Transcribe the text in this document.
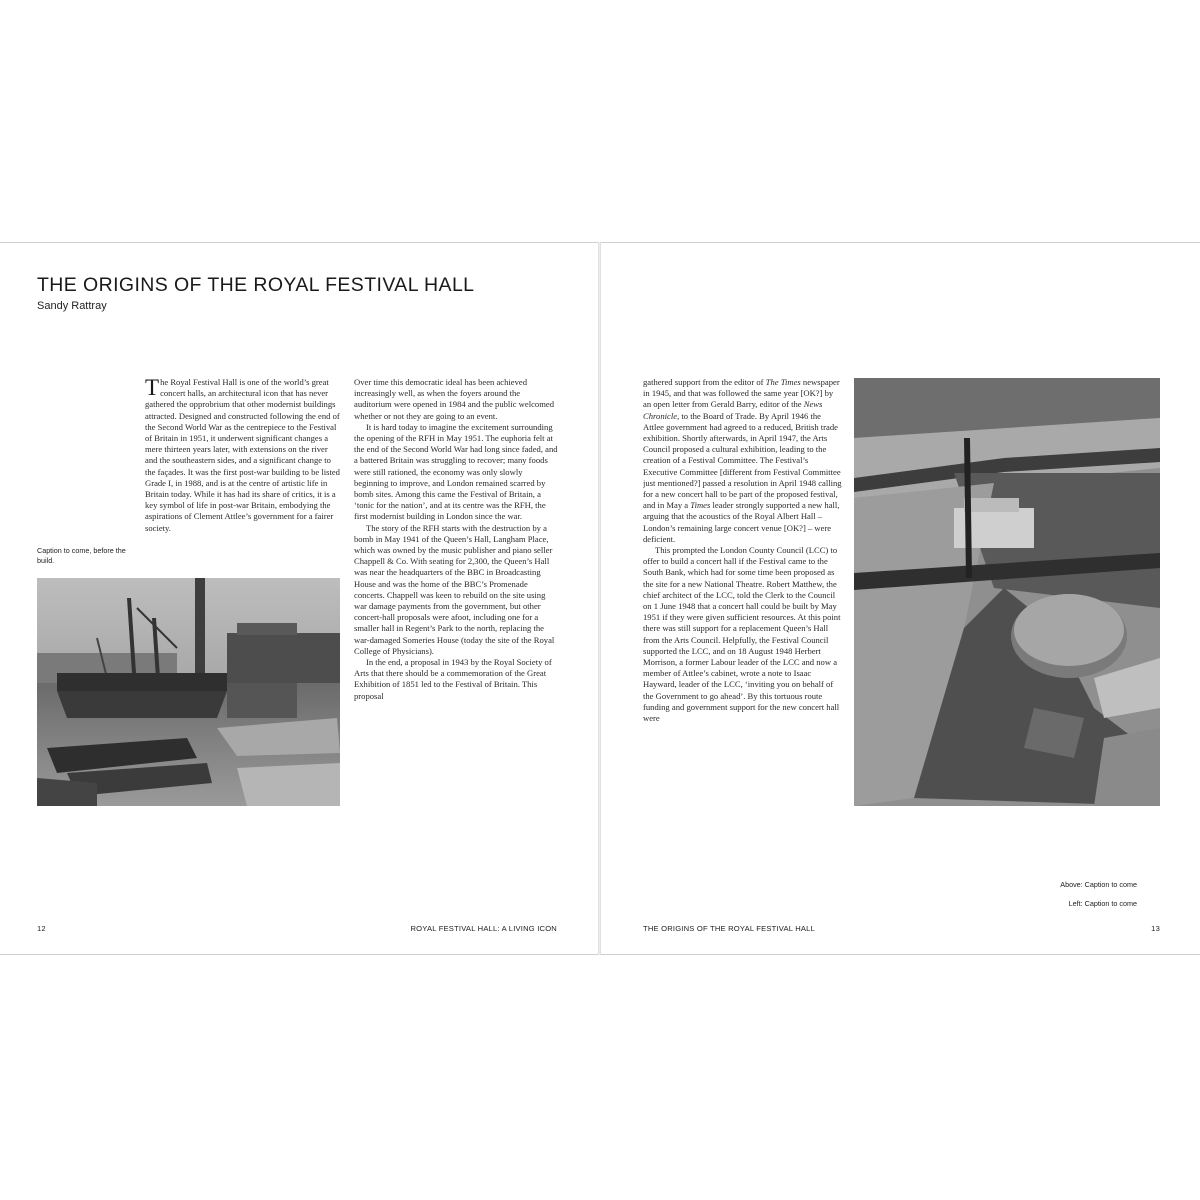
THE ORIGINS OF THE ROYAL FESTIVAL HALL
Sandy Rattray

The Royal Festival Hall is one of the world’s great concert halls, an architectural icon that has never gathered the opprobrium that other modernist buildings attracted. Designed and constructed following the end of the Second World War as the centrepiece to the Festival of Britain in 1951, it underwent significant changes a mere thirteen years later, with extensions on the river and the southeastern sides, and a significant change to the façades. It was the first post-war building to be listed Grade I, in 1988, and is at the centre of artistic life in Britain today. While it has had its share of critics, it is a key symbol of life in post-war Britain, embodying the aspirations of Clement Attlee’s government for a fairer society.

Caption to come, before the build.

Over time this democratic ideal has been achieved increasingly well, as when the foyers around the auditorium were opened in 1984 and the public welcomed whether or not they are going to an event.

It is hard today to imagine the excitement surrounding the opening of the RFH in May 1951. The euphoria felt at the end of the Second World War had long since faded, and a battered Britain was struggling to recover; many foods were still rationed, the economy was only slowly beginning to improve, and London remained scarred by bomb sites. Among this came the Festival of Britain, a ‘tonic for the nation’, and at its centre was the RFH, the first modernist building in London since the war.

The story of the RFH starts with the destruction by a bomb in May 1941 of the Queen’s Hall, Langham Place, which was owned by the music publisher and piano seller Chappell & Co. With seating for 2,300, the Queen’s Hall was near the headquarters of the BBC in Broadcasting House and was the home of the BBC’s Promenade concerts. Chappell was keen to rebuild on the site using war damage payments from the government, but other concert-hall proposals were afoot, including one for a smaller hall in Regent’s Park to the north, replacing the war-damaged Someries House (today the site of the Royal College of Physicians).

In the end, a proposal in 1943 by the Royal Society of Arts that there should be a commemoration of the Great Exhibition of 1851 led to the Festival of Britain. This proposal

gathered support from the editor of The Times newspaper in 1945, and that was followed the same year [OK?] by an open letter from Gerald Barry, editor of the News Chronicle, to the Board of Trade. By April 1946 the Attlee government had agreed to a reduced, British trade exhibition. Shortly afterwards, in April 1947, the Arts Council proposed a cultural exhibition, leading to the creation of a Festival Committee. The Festival’s Executive Committee [different from Festival Committee just mentioned?] passed a resolution in April 1948 calling for a new concert hall to be part of the proposed festival, and in May a Times leader strongly supported a new hall, arguing that the acoustics of the Royal Albert Hall – London’s remaining large concert venue [OK?] – were deficient.

This prompted the London County Council (LCC) to offer to build a concert hall if the Festival came to the South Bank, which had for some time been proposed as the site for a new National Theatre. Robert Matthew, the chief architect of the LCC, told the Clerk to the Council on 1 June 1948 that a concert hall could be built by May 1951 if they were given sufficient resources. At this point there was still support for a replacement Queen’s Hall from the Arts Council. Helpfully, the Festival Council supported the LCC, and on 18 August 1948 Herbert Morrison, a former Labour leader of the LCC and now a member of Attlee’s cabinet, wrote a note to Isaac Hayward, leader of the LCC, ‘inviting you on behalf of the Government to go ahead’. By this tortuous route funding and government support for the new concert hall were

Above: Caption to come
Left: Caption to come
12	ROYAL FESTIVAL HALL: A LIVING ICON	THE ORIGINS OF THE ROYAL FESTIVAL HALL	13
